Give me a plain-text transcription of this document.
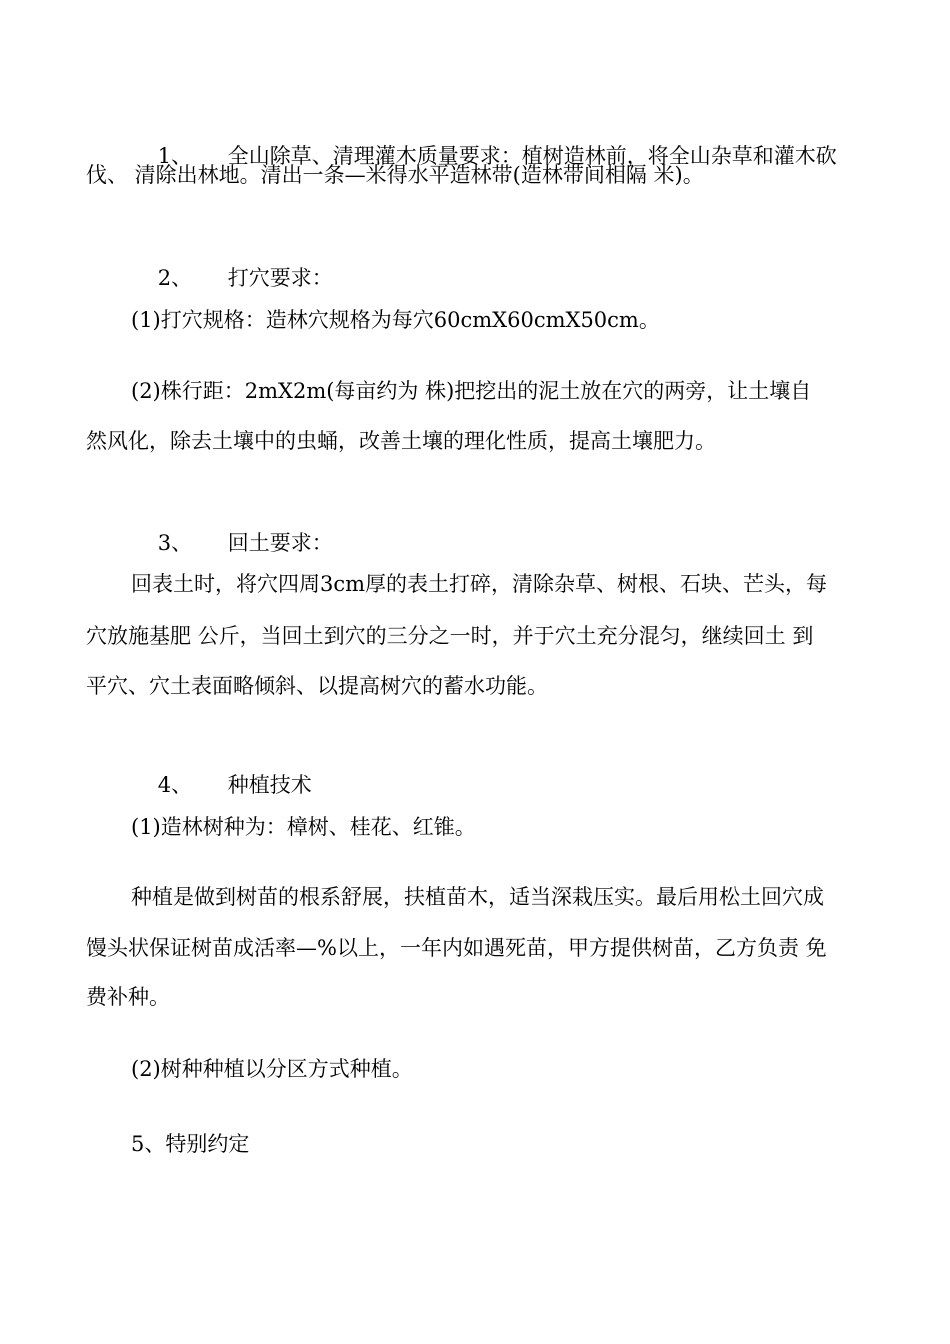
1、 全山除草、清理灌木质量要求：植树造林前，将全山杂草和灌木砍

伐、 清除出林地。清出一条—米得水平造林带(造林带间相隔 米)。

2、 打穴要求：

(1)打穴规格：造林穴规格为每穴60cmX60cmX50cm。
(2)株行距：2mX2m(每亩约为 株)把挖出的泥土放在穴的两旁，让土壤自
然风化，除去土壤中的虫蛹，改善土壤的理化性质，提高土壤肥力。

3、 回土要求：

回表土时，将穴四周3cm厚的表土打碎，清除杂草、树根、石块、芒头，每
穴放施基肥 公斤，当回土到穴的三分之一时，并于穴土充分混匀，继续回土 到
平穴、穴土表面略倾斜、以提高树穴的蓄水功能。

4、 种植技术

(1)造林树种为：樟树、桂花、红锥。
种植是做到树苗的根系舒展，扶植苗木，适当深栽压实。最后用松土回穴成
馒头状保证树苗成活率—%以上，一年内如遇死苗，甲方提供树苗，乙方负责 免
费补种。
(2)树种种植以分区方式种植。
5、特别约定
